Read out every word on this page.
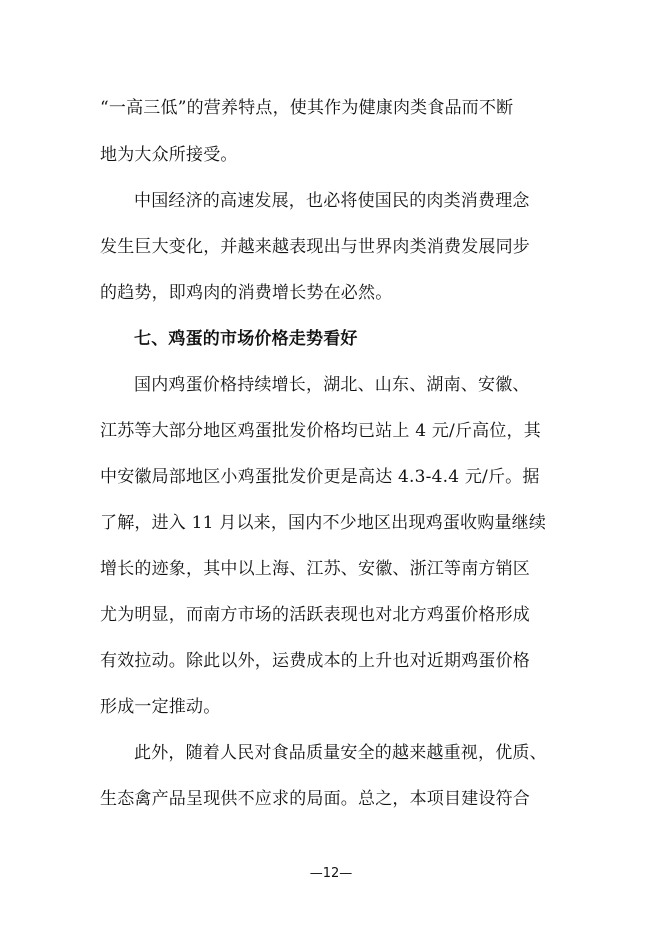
“一高三低”的营养特点，使其作为健康肉类食品而不断
地为大众所接受。
中国经济的高速发展，也必将使国民的肉类消费理念
发生巨大变化，并越来越表现出与世界肉类消费发展同步
的趋势，即鸡肉的消费增长势在必然。
七、鸡蛋的市场价格走势看好
国内鸡蛋价格持续增长，湖北、山东、湖南、安徽、
江苏等大部分地区鸡蛋批发价格均已站上 4 元/斤高位，其
中安徽局部地区小鸡蛋批发价更是高达 4.3-4.4 元/斤。据
了解，进入 11 月以来，国内不少地区出现鸡蛋收购量继续
增长的迹象，其中以上海、江苏、安徽、浙江等南方销区
尤为明显，而南方市场的活跃表现也对北方鸡蛋价格形成
有效拉动。除此以外，运费成本的上升也对近期鸡蛋价格
形成一定推动。
此外，随着人民对食品质量安全的越来越重视，优质、
生态禽产品呈现供不应求的局面。总之，本项目建设符合
—12—
